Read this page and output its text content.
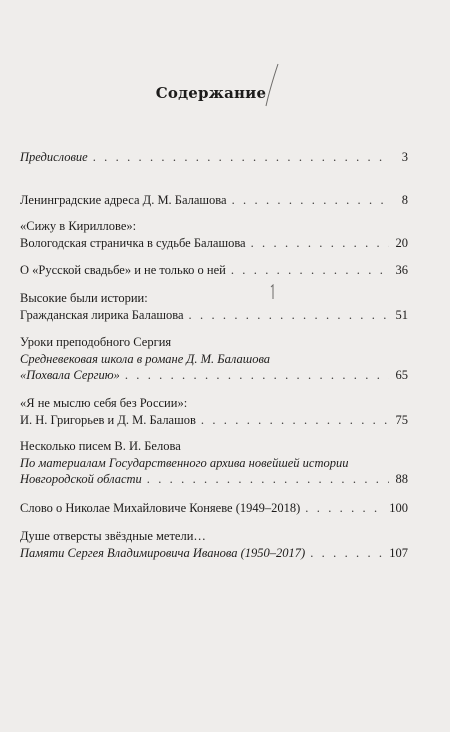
Содержание
Предисловие . . .	3
Ленинградские адреса Д. М. Балашова . . .	8
«Сижу в Кириллове»:
Вологодская страничка в судьбе Балашова . . .	20
О «Русской свадьбе» и не только о ней . . .	36
Высокие были истории:
Гражданская лирика Балашова . . .	51
Уроки преподобного Сергия
Средневековая школа в романе Д. М. Балашова
«Похвала Сергию» . . .	65
«Я не мыслю себя без России»:
И. Н. Григорьев и Д. М. Балашов . . .	75
Несколько писем В. И. Белова
По материалам Государственного архива новейшей истории
Новгородской области . . .	88
Слово о Николае Михайловиче Коняеве (1949–2018) . . .	100
Душе отверсты звёздные метели…
Памяти Сергея Владимировича Иванова (1950–2017) . . .	107
